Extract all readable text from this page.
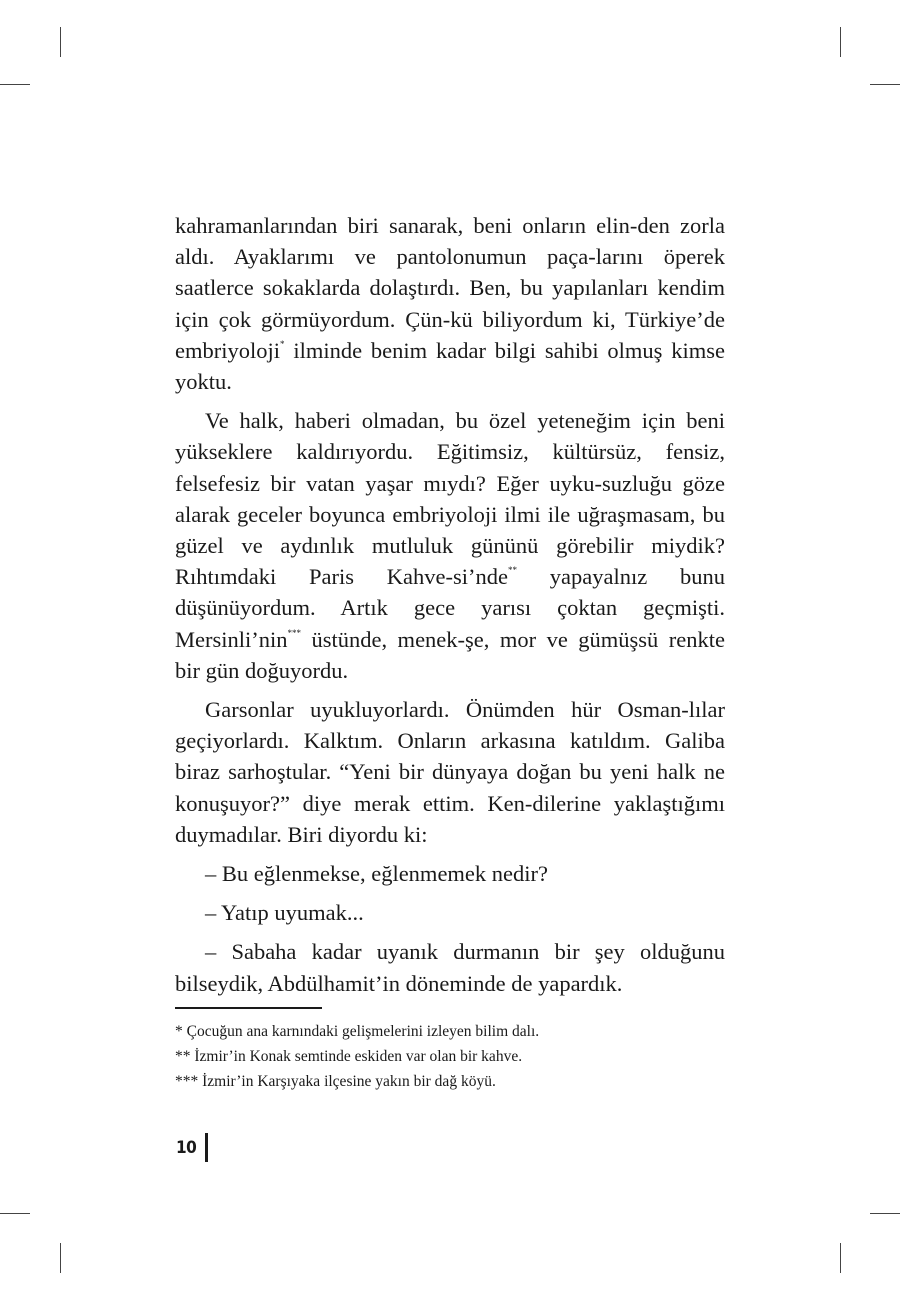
kahramanlarından biri sanarak, beni onların elin-den zorla aldı. Ayaklarımı ve pantolonumun paça-larını öperek saatlerce sokaklarda dolaştırdı. Ben, bu yapılanları kendim için çok görmüyordum. Çün-kü biliyordum ki, Türkiye’de embriyoloji* ilminde benim kadar bilgi sahibi olmuş kimse yoktu.

Ve halk, haberi olmadan, bu özel yeteneğim için beni yükseklere kaldırıyordu. Eğitimsiz, kültürsüz, fensiz, felsefesiz bir vatan yaşar mıydı? Eğer uyku-suzluğu göze alarak geceler boyunca embriyoloji ilmi ile uğraşmasam, bu güzel ve aydınlık mutluluk gününü görebilir miydik? Rıhtımdaki Paris Kahve-si’nde** yapayalnız bunu düşünüyordum. Artık gece yarısı çoktan geçmişti. Mersinli’nin*** üstünde, menek-şe, mor ve gümüşsü renkte bir gün doğuyordu.

Garsonlar uyukluyorlardı. Önümden hür Osman-lılar geçiyorlardı. Kalktım. Onların arkasına katıldım. Galiba biraz sarhoştular. “Yeni bir dünyaya doğan bu yeni halk ne konuşuyor?” diye merak ettim. Ken-dilerine yaklaştığımı duymadılar. Biri diyordu ki:

– Bu eğlenmekse, eğlenmemek nedir?

– Yatıp uyumak...

– Sabaha kadar uyanık durmanın bir şey olduğunu bilseydik, Abdülhamit’in döneminde de yapardık.

* Çocuğun ana karnındaki gelişmelerini izleyen bilim dalı.

** İzmir’in Konak semtinde eskiden var olan bir kahve.

*** İzmir’in Karşıyaka ilçesine yakın bir dağ köyü.

10
